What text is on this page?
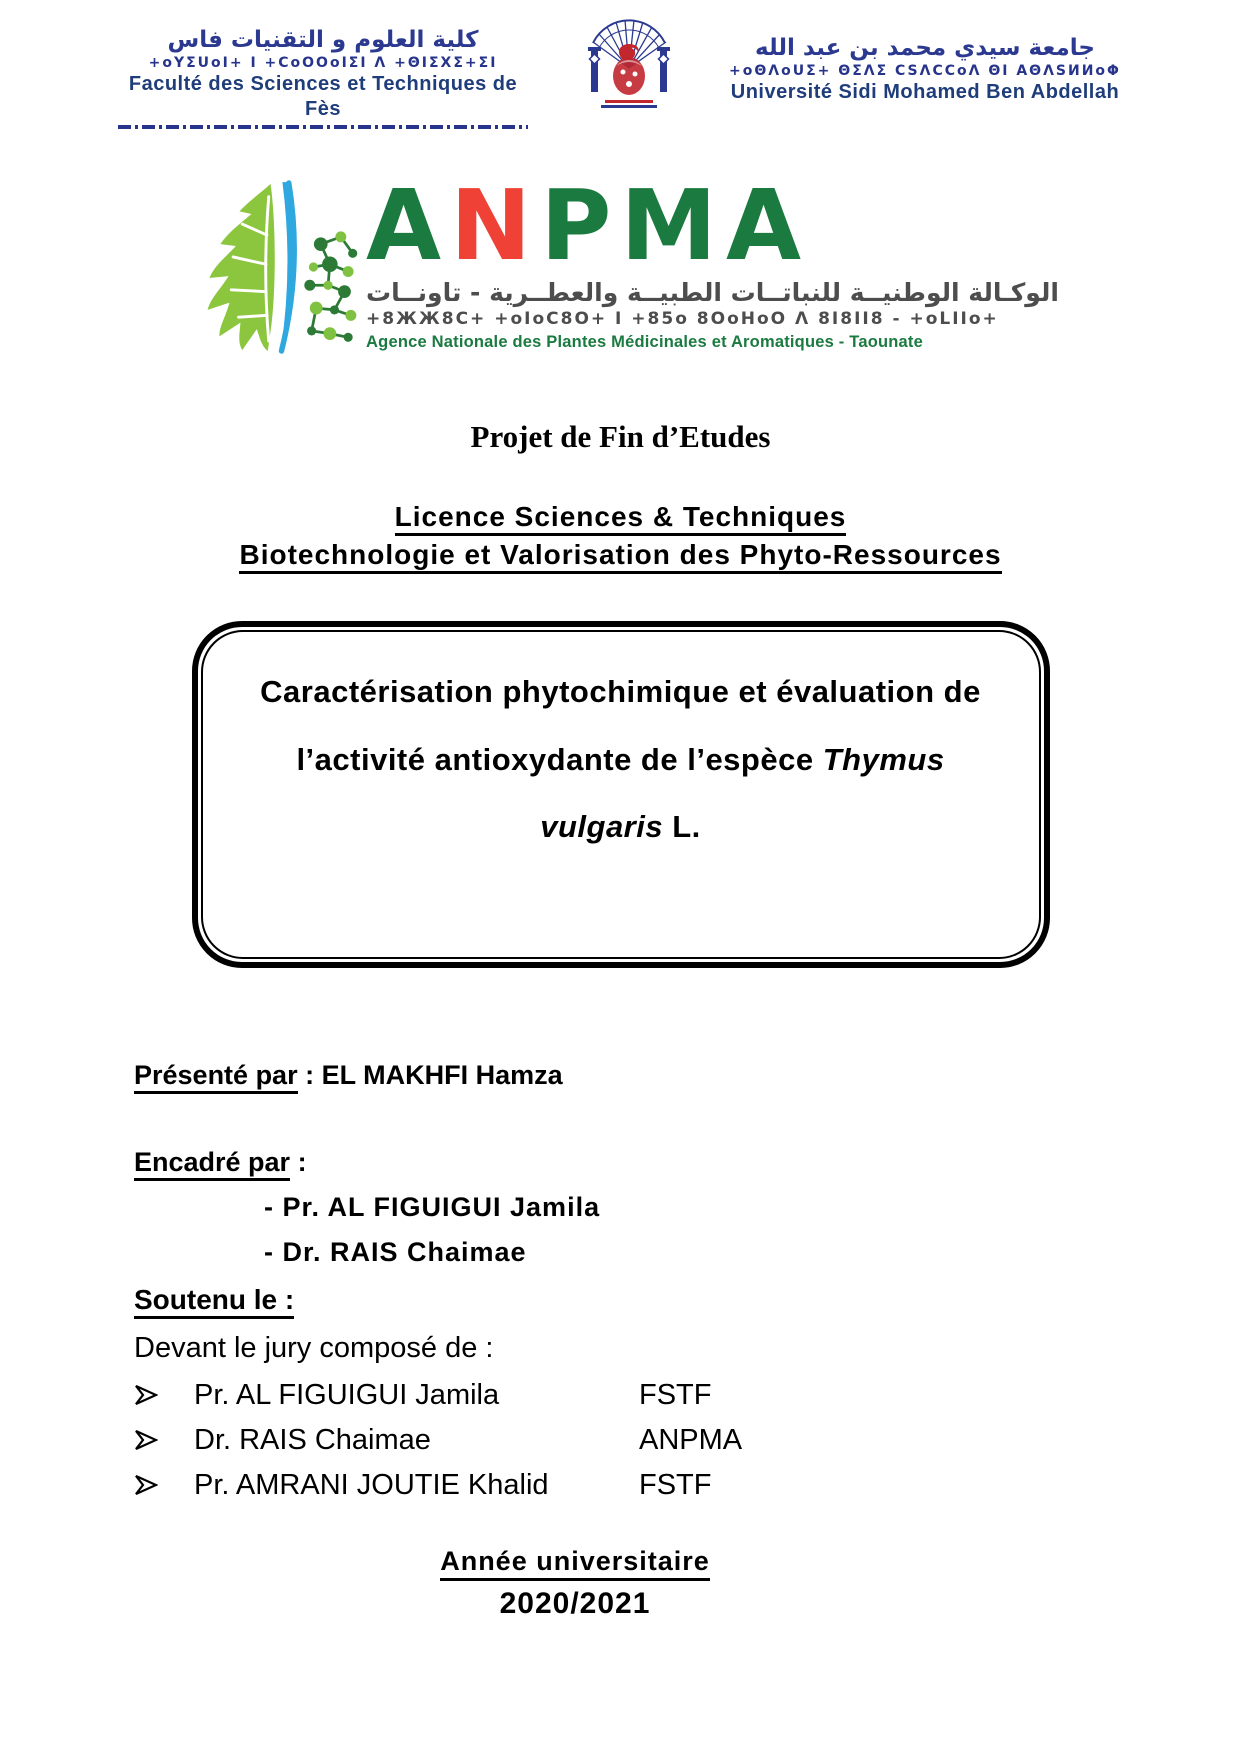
كلية العلوم و التقنيات فاس
+oYΣUoI+ I +CoOOoIΣI Λ +ΘIΣXΣ+ΣI
Faculté des Sciences et Techniques de Fès
جامعة سيدي محمد بن عبد الله
+oΘΛoUΣ+ ΘΣΛΣ CSΛCCoΛ ΘI AΘΛSИИoΦ
Université Sidi Mohamed Ben Abdellah
ANPMA
الوكـالة الوطنيــة للنباتــات الطبيــة والعطــرية - تاونــات
+8ЖЖ8C+ +oIoC8O+ I +85o 8OoHoO Λ 8I8II8 - +oLIIo+
Agence Nationale des Plantes Médicinales et Aromatiques - Taounate
Projet de Fin d’Etudes
Licence Sciences & Techniques
Biotechnologie et Valorisation des Phyto-Ressources
Caractérisation phytochimique et évaluation de
l’activité antioxydante de l’espèce Thymus
vulgaris L.
Présenté par : EL MAKHFI Hamza
Encadré par :
- Pr. AL FIGUIGUI Jamila
- Dr. RAIS Chaimae
Soutenu le :
Devant le jury composé de :
Pr. AL FIGUIGUI Jamila	FSTF
Dr. RAIS Chaimae	ANPMA
Pr. AMRANI JOUTIE Khalid	FSTF
Année universitaire
2020/2021
